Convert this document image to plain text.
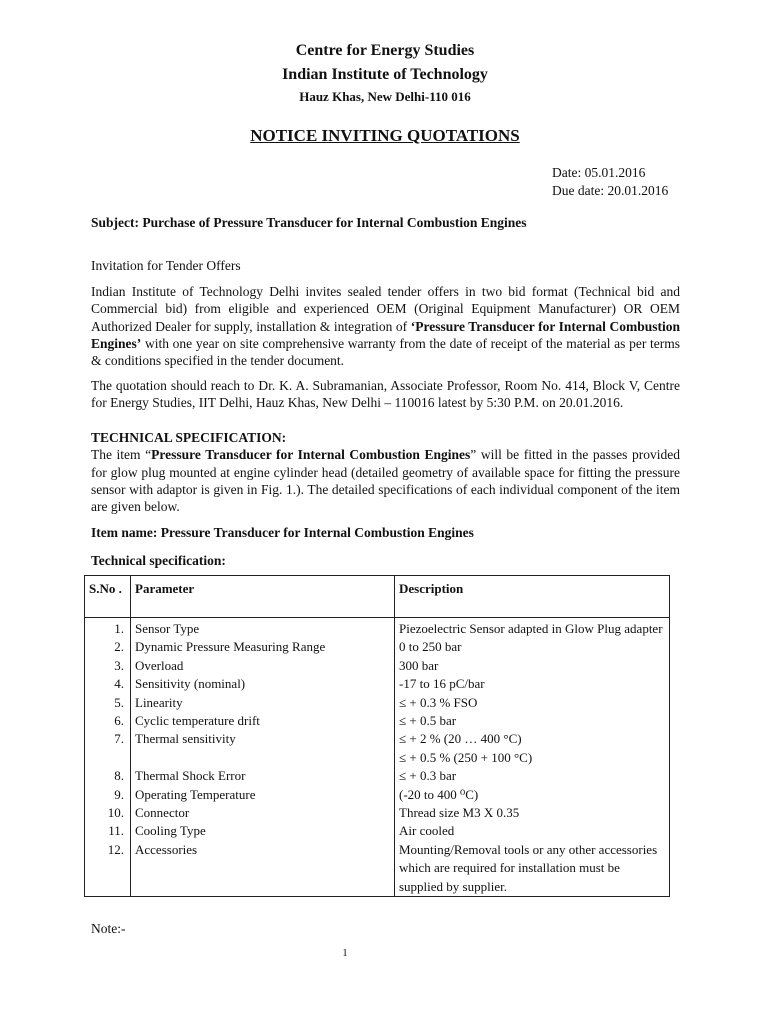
Centre for Energy Studies
Indian Institute of Technology
Hauz Khas, New Delhi-110 016
NOTICE INVITING QUOTATIONS
Date: 05.01.2016
Due date: 20.01.2016
Subject: Purchase of Pressure Transducer for Internal Combustion Engines
Invitation for Tender Offers
Indian Institute of Technology Delhi invites sealed tender offers in two bid format (Technical bid and Commercial bid) from eligible and experienced OEM (Original Equipment Manufacturer) OR OEM Authorized Dealer for supply, installation & integration of ‘Pressure Transducer for Internal Combustion Engines’ with one year on site comprehensive warranty from the date of receipt of the material as per terms & conditions specified in the tender document.
The quotation should reach to Dr. K. A. Subramanian, Associate Professor, Room No. 414, Block V, Centre for Energy Studies, IIT Delhi, Hauz Khas, New Delhi – 110016 latest by 5:30 P.M. on 20.01.2016.
TECHNICAL SPECIFICATION:
The item “Pressure Transducer for Internal Combustion Engines” will be fitted in the passes provided for glow plug mounted at engine cylinder head (detailed geometry of available space for fitting the pressure sensor with adaptor is given in Fig. 1.). The detailed specifications of each individual component of the item are given below.
Item name: Pressure Transducer for Internal Combustion Engines
Technical specification:
S.No .	Parameter	Description
1.	Sensor Type	Piezoelectric Sensor adapted in Glow Plug adapter
2.	Dynamic Pressure Measuring Range	0 to 250 bar
3.	Overload	300 bar
4.	Sensitivity (nominal)	-17 to 16 pC/bar
5.	Linearity	≤ + 0.3 % FSO
6.	Cyclic temperature drift	≤ + 0.5 bar
7.	Thermal sensitivity	≤ + 2 % (20 … 400 °C)
≤ + 0.5 % (250 + 100 °C)

8.	Thermal Shock Error	≤ + 0.3 bar
9.	Operating Temperature	(-20 to 400 ⁰C)
10.	Connector	Thread size M3 X 0.35
11.	Cooling Type	Air cooled
12.	Accessories	Mounting/Removal tools or any other accessories which are required for installation must be supplied by supplier.
Note:-
1
